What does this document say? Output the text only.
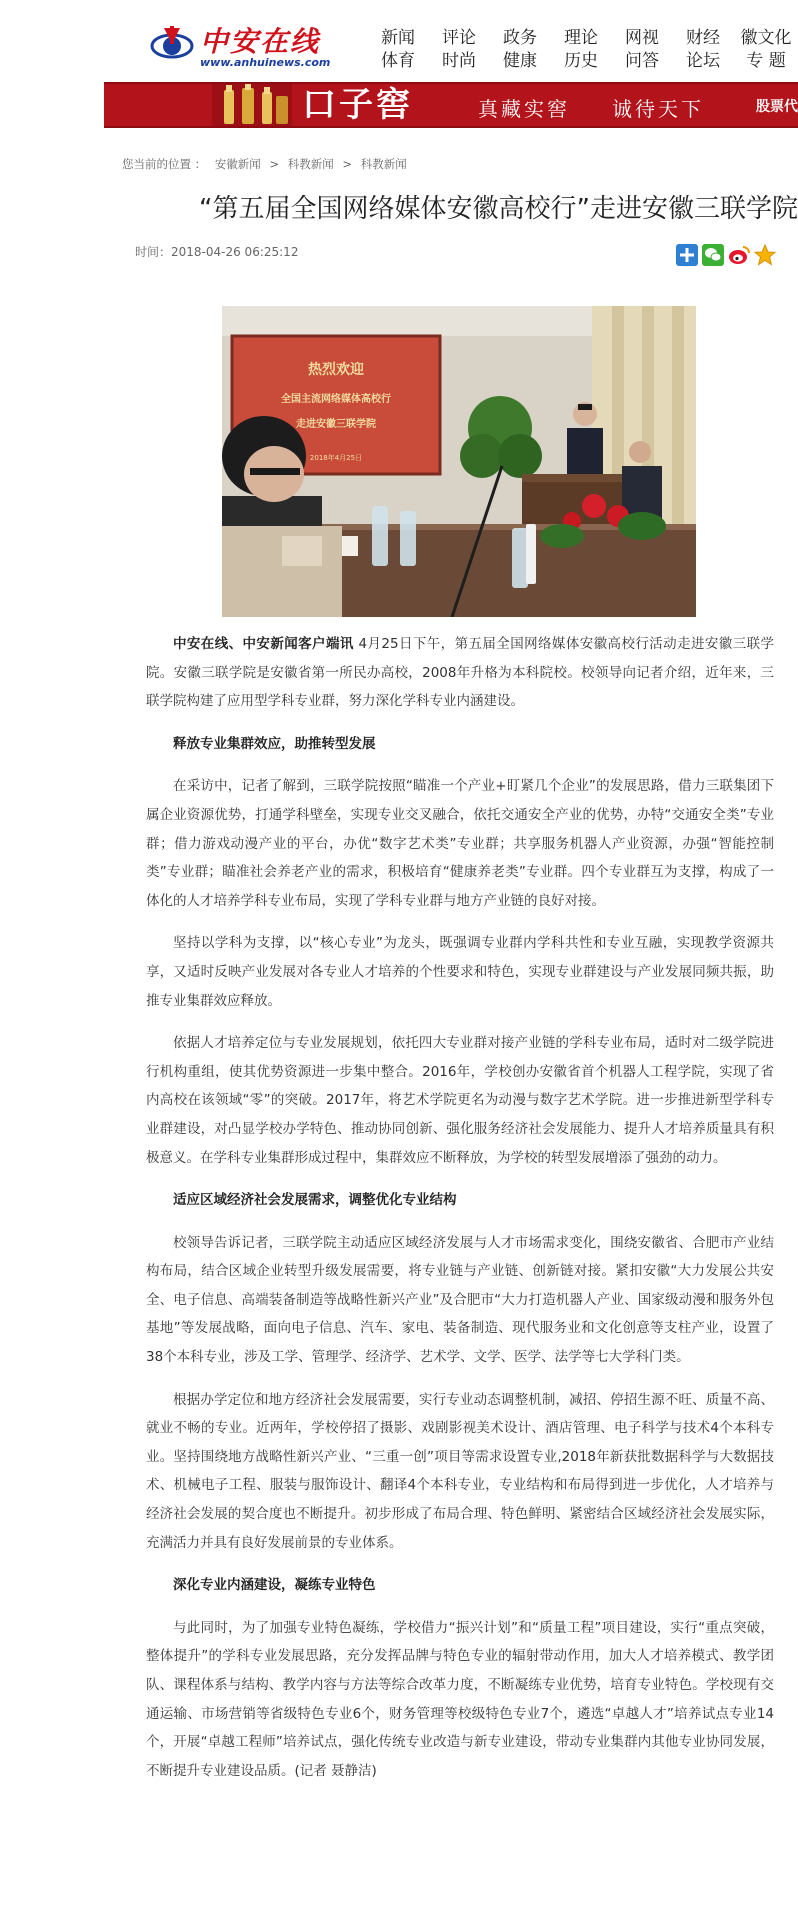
中安在线
www.anhuinews.com
新闻
体育
评论
时尚
政务
健康
理论
历史
网视
问答
财经
论坛
徽文化
专 题
口子窖	真藏实窖 诚待天下	股票代
您当前的位置 ： 安徽新闻 > 科教新闻 > 科教新闻
“第五届全国网络媒体安徽高校行”走进安徽三联学院
时间：2018-04-26 06:25:12
热烈欢迎
全国主流网络媒体高校行
走进安徽三联学院
2018年4月25日

中安在线、中安新闻客户端讯 4月25日下午，第五届全国网络媒体安徽高校行活动走进安徽三联学院。安徽三联学院是安徽省第一所民办高校，2008年升格为本科院校。校领导向记者介绍，近年来，三联学院构建了应用型学科专业群，努力深化学科专业内涵建设。

释放专业集群效应，助推转型发展

在采访中，记者了解到，三联学院按照“瞄准一个产业+盯紧几个企业”的发展思路，借力三联集团下属企业资源优势，打通学科壁垒，实现专业交叉融合，依托交通安全产业的优势，办特“交通安全类”专业群；借力游戏动漫产业的平台，办优“数字艺术类”专业群；共享服务机器人产业资源，办强“智能控制类”专业群；瞄准社会养老产业的需求，积极培育“健康养老类”专业群。四个专业群互为支撑，构成了一体化的人才培养学科专业布局，实现了学科专业群与地方产业链的良好对接。

坚持以学科为支撑，以“核心专业”为龙头，既强调专业群内学科共性和专业互融，实现教学资源共享，又适时反映产业发展对各专业人才培养的个性要求和特色，实现专业群建设与产业发展同频共振，助推专业集群效应释放。

依据人才培养定位与专业发展规划，依托四大专业群对接产业链的学科专业布局，适时对二级学院进行机构重组，使其优势资源进一步集中整合。2016年，学校创办安徽省首个机器人工程学院，实现了省内高校在该领域“零”的突破。2017年，将艺术学院更名为动漫与数字艺术学院。进一步推进新型学科专业群建设，对凸显学校办学特色、推动协同创新、强化服务经济社会发展能力、提升人才培养质量具有积极意义。在学科专业集群形成过程中，集群效应不断释放，为学校的转型发展增添了强劲的动力。

适应区域经济社会发展需求，调整优化专业结构

校领导告诉记者，三联学院主动适应区域经济发展与人才市场需求变化，围绕安徽省、合肥市产业结构布局，结合区域企业转型升级发展需要，将专业链与产业链、创新链对接。紧扣安徽“大力发展公共安全、电子信息、高端装备制造等战略性新兴产业”及合肥市“大力打造机器人产业、国家级动漫和服务外包基地”等发展战略，面向电子信息、汽车、家电、装备制造、现代服务业和文化创意等支柱产业，设置了38个本科专业，涉及工学、管理学、经济学、艺术学、文学、医学、法学等七大学科门类。

根据办学定位和地方经济社会发展需要，实行专业动态调整机制，减招、停招生源不旺、质量不高、就业不畅的专业。近两年，学校停招了摄影、戏剧影视美术设计、酒店管理、电子科学与技术4个本科专业。坚持围绕地方战略性新兴产业、“三重一创”项目等需求设置专业,2018年新获批数据科学与大数据技术、机械电子工程、服装与服饰设计、翻译4个本科专业，专业结构和布局得到进一步优化，人才培养与经济社会发展的契合度也不断提升。初步形成了布局合理、特色鲜明、紧密结合区域经济社会发展实际，充满活力并具有良好发展前景的专业体系。

深化专业内涵建设，凝练专业特色

与此同时，为了加强专业特色凝练，学校借力“振兴计划”和“质量工程”项目建设，实行“重点突破，整体提升”的学科专业发展思路，充分发挥品牌与特色专业的辐射带动作用，加大人才培养模式、教学团队、课程体系与结构、教学内容与方法等综合改革力度，不断凝练专业优势，培育专业特色。学校现有交通运输、市场营销等省级特色专业6个，财务管理等校级特色专业7个，遴选“卓越人才”培养试点专业14个，开展“卓越工程师”培养试点，强化传统专业改造与新专业建设，带动专业集群内其他专业协同发展，不断提升专业建设品质。(记者 聂静洁)
